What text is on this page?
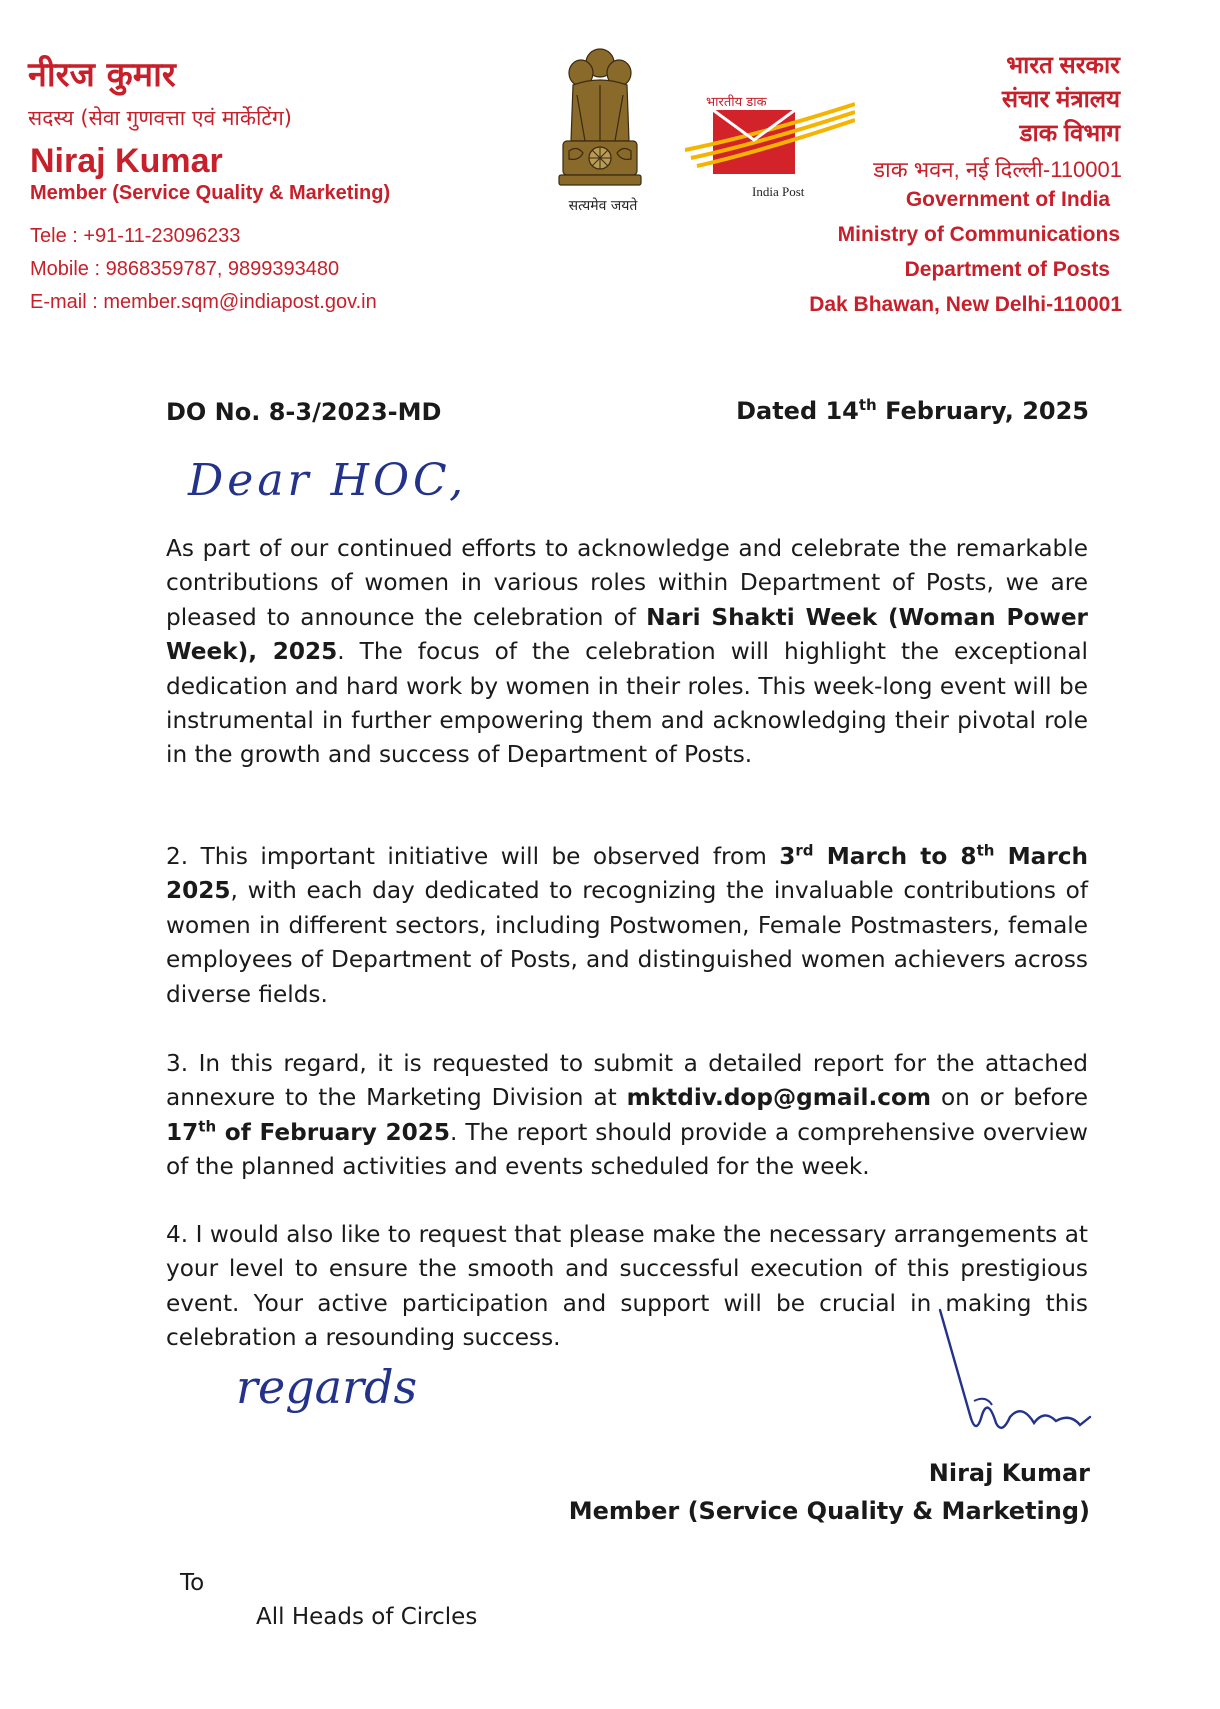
नीरज कुमार
सदस्य (सेवा गुणवत्ता एवं मार्केटिंग)
Niraj Kumar
Member (Service Quality & Marketing)
Tele : +91-11-23096233
Mobile : 9868359787, 9899393480
E-mail : member.sqm@indiapost.gov.in
सत्यमेव जयते
भारतीय डाक
India Post
भारत सरकार
संचार मंत्रालय
डाक विभाग
डाक भवन, नई दिल्ली-110001
Government of India
Ministry of Communications
Department of Posts
Dak Bhawan, New Delhi-110001
DO No. 8-3/2023-MD	Dated 14th February, 2025
Dear HOC,
As part of our continued efforts to acknowledge and celebrate the remarkable contributions of women in various roles within Department of Posts, we are pleased to announce the celebration of Nari Shakti Week (Woman Power Week), 2025. The focus of the celebration will highlight the exceptional dedication and hard work by women in their roles. This week-long event will be instrumental in further empowering them and acknowledging their pivotal role in the growth and success of Department of Posts.
2. This important initiative will be observed from 3rd March to 8th March 2025, with each day dedicated to recognizing the invaluable contributions of women in different sectors, including Postwomen, Female Postmasters, female employees of Department of Posts, and distinguished women achievers across diverse fields.
3. In this regard, it is requested to submit a detailed report for the attached annexure to the Marketing Division at mktdiv.dop@gmail.com on or before 17th of February 2025. The report should provide a comprehensive overview of the planned activities and events scheduled for the week.
4. I would also like to request that please make the necessary arrangements at your level to ensure the smooth and successful execution of this prestigious event. Your active participation and support will be crucial in making this celebration a resounding success.
regards
Niraj Kumar
Member (Service Quality & Marketing)
To
All Heads of Circles
